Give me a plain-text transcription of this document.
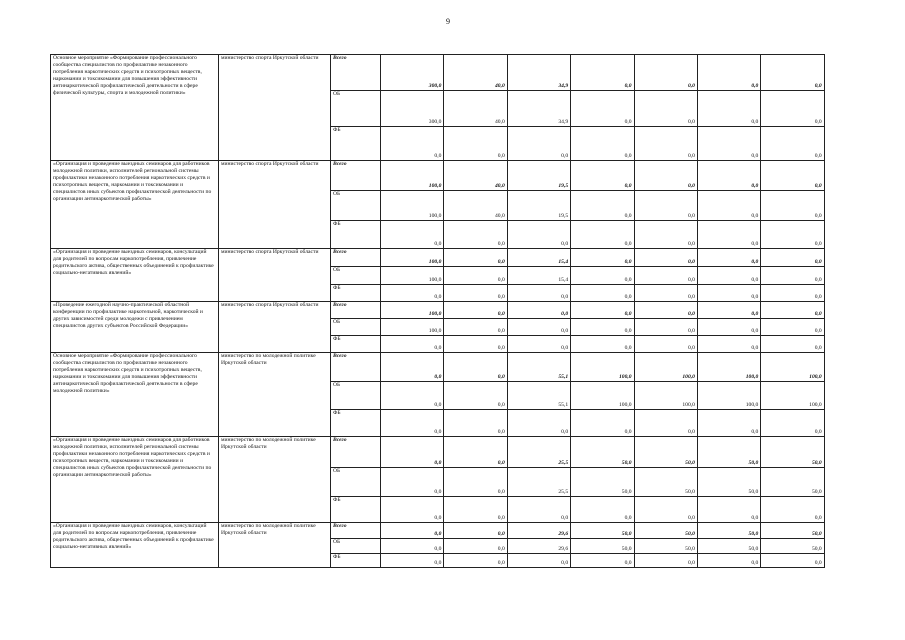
9
Основное мероприятие «Формирование профессионального сообщества специалистов по профилактике незаконного потребления наркотических средств и психотропных веществ, наркомании и токсикомании для повышения эффективности антинаркотической профилактической деятельности в сфере физической культуры, спорта и молодежной политики»	министерство спорта Иркутской области	Всего	300,0	40,0	34,9	0,0	0,0	0,0	0,0
		ОБ	300,0	40,0	34,9	0,0	0,0	0,0	0,0
		ФБ	0,0	0,0	0,0	0,0	0,0	0,0	0,0
«Организация и проведение выездных семинаров для работников молодежной политики, исполнителей региональной системы профилактики незаконного потребления наркотических средств и психотропных веществ, наркомании и токсикомании и специалистов иных субъектов профилактической деятельности по организации антинаркотической работы»	министерство спорта Иркутской области	Всего	100,0	40,0	19,5	0,0	0,0	0,0	0,0
		ОБ	100,0	40,0	19,5	0,0	0,0	0,0	0,0
		ФБ	0,0	0,0	0,0	0,0	0,0	0,0	0,0
«Организация и проведение выездных семинаров, консультаций для родителей по вопросам наркопотребления, привлечение родительского актива, общественных объединений к профилактике социально-негативных явлений»	министерство спорта Иркутской области	Всего	100,0	0,0	15,4	0,0	0,0	0,0	0,0
		ОБ	100,0	0,0	15,4	0,0	0,0	0,0	0,0
		ФБ	0,0	0,0	0,0	0,0	0,0	0,0	0,0
«Проведение ежегодной научно-практической областной конференции по профилактике наркотельной, наркотической и других зависимостей среди молодежи с привлечением специалистов других субъектов Российской Федерации»	министерство спорта Иркутской области	Всего	100,0	0,0	0,0	0,0	0,0	0,0	0,0
		ОБ	100,0	0,0	0,0	0,0	0,0	0,0	0,0
		ФБ	0,0	0,0	0,0	0,0	0,0	0,0	0,0
Основное мероприятие «Формирование профессионального сообщества специалистов по профилактике незаконного потребления наркотических средств и психотропных веществ, наркомании и токсикомании для повышения эффективности антинаркотической профилактической деятельности в сфере молодежной политики»	министерство по молодежной политике Иркутской области	Всего	0,0	0,0	55,1	100,0	100,0	100,0	100,0
		ОБ	0,0	0,0	55,1	100,0	100,0	100,0	100,0
		ФБ	0,0	0,0	0,0	0,0	0,0	0,0	0,0
«Организация и проведение выездных семинаров для работников молодежной политики, исполнителей региональной системы профилактики незаконного потребления наркотических средств и психотропных веществ, наркомании и токсикомании и специалистов иных субъектов профилактической деятельности по организации антинаркотической работы»	министерство по молодежной политике Иркутской области	Всего	0,0	0,0	25,5	50,0	50,0	50,0	50,0
		ОБ	0,0	0,0	25,5	50,0	50,0	50,0	50,0
		ФБ	0,0	0,0	0,0	0,0	0,0	0,0	0,0
«Организация и проведение выездных семинаров, консультаций для родителей по вопросам наркопотребления, привлечение родительского актива, общественных объединений к профилактике социально-негативных явлений»	министерство по молодежной политике Иркутской области	Всего	0,0	0,0	29,6	50,0	50,0	50,0	50,0
		ОБ	0,0	0,0	29,6	50,0	50,0	50,0	50,0
		ФБ	0,0	0,0	0,0	0,0	0,0	0,0	0,0
